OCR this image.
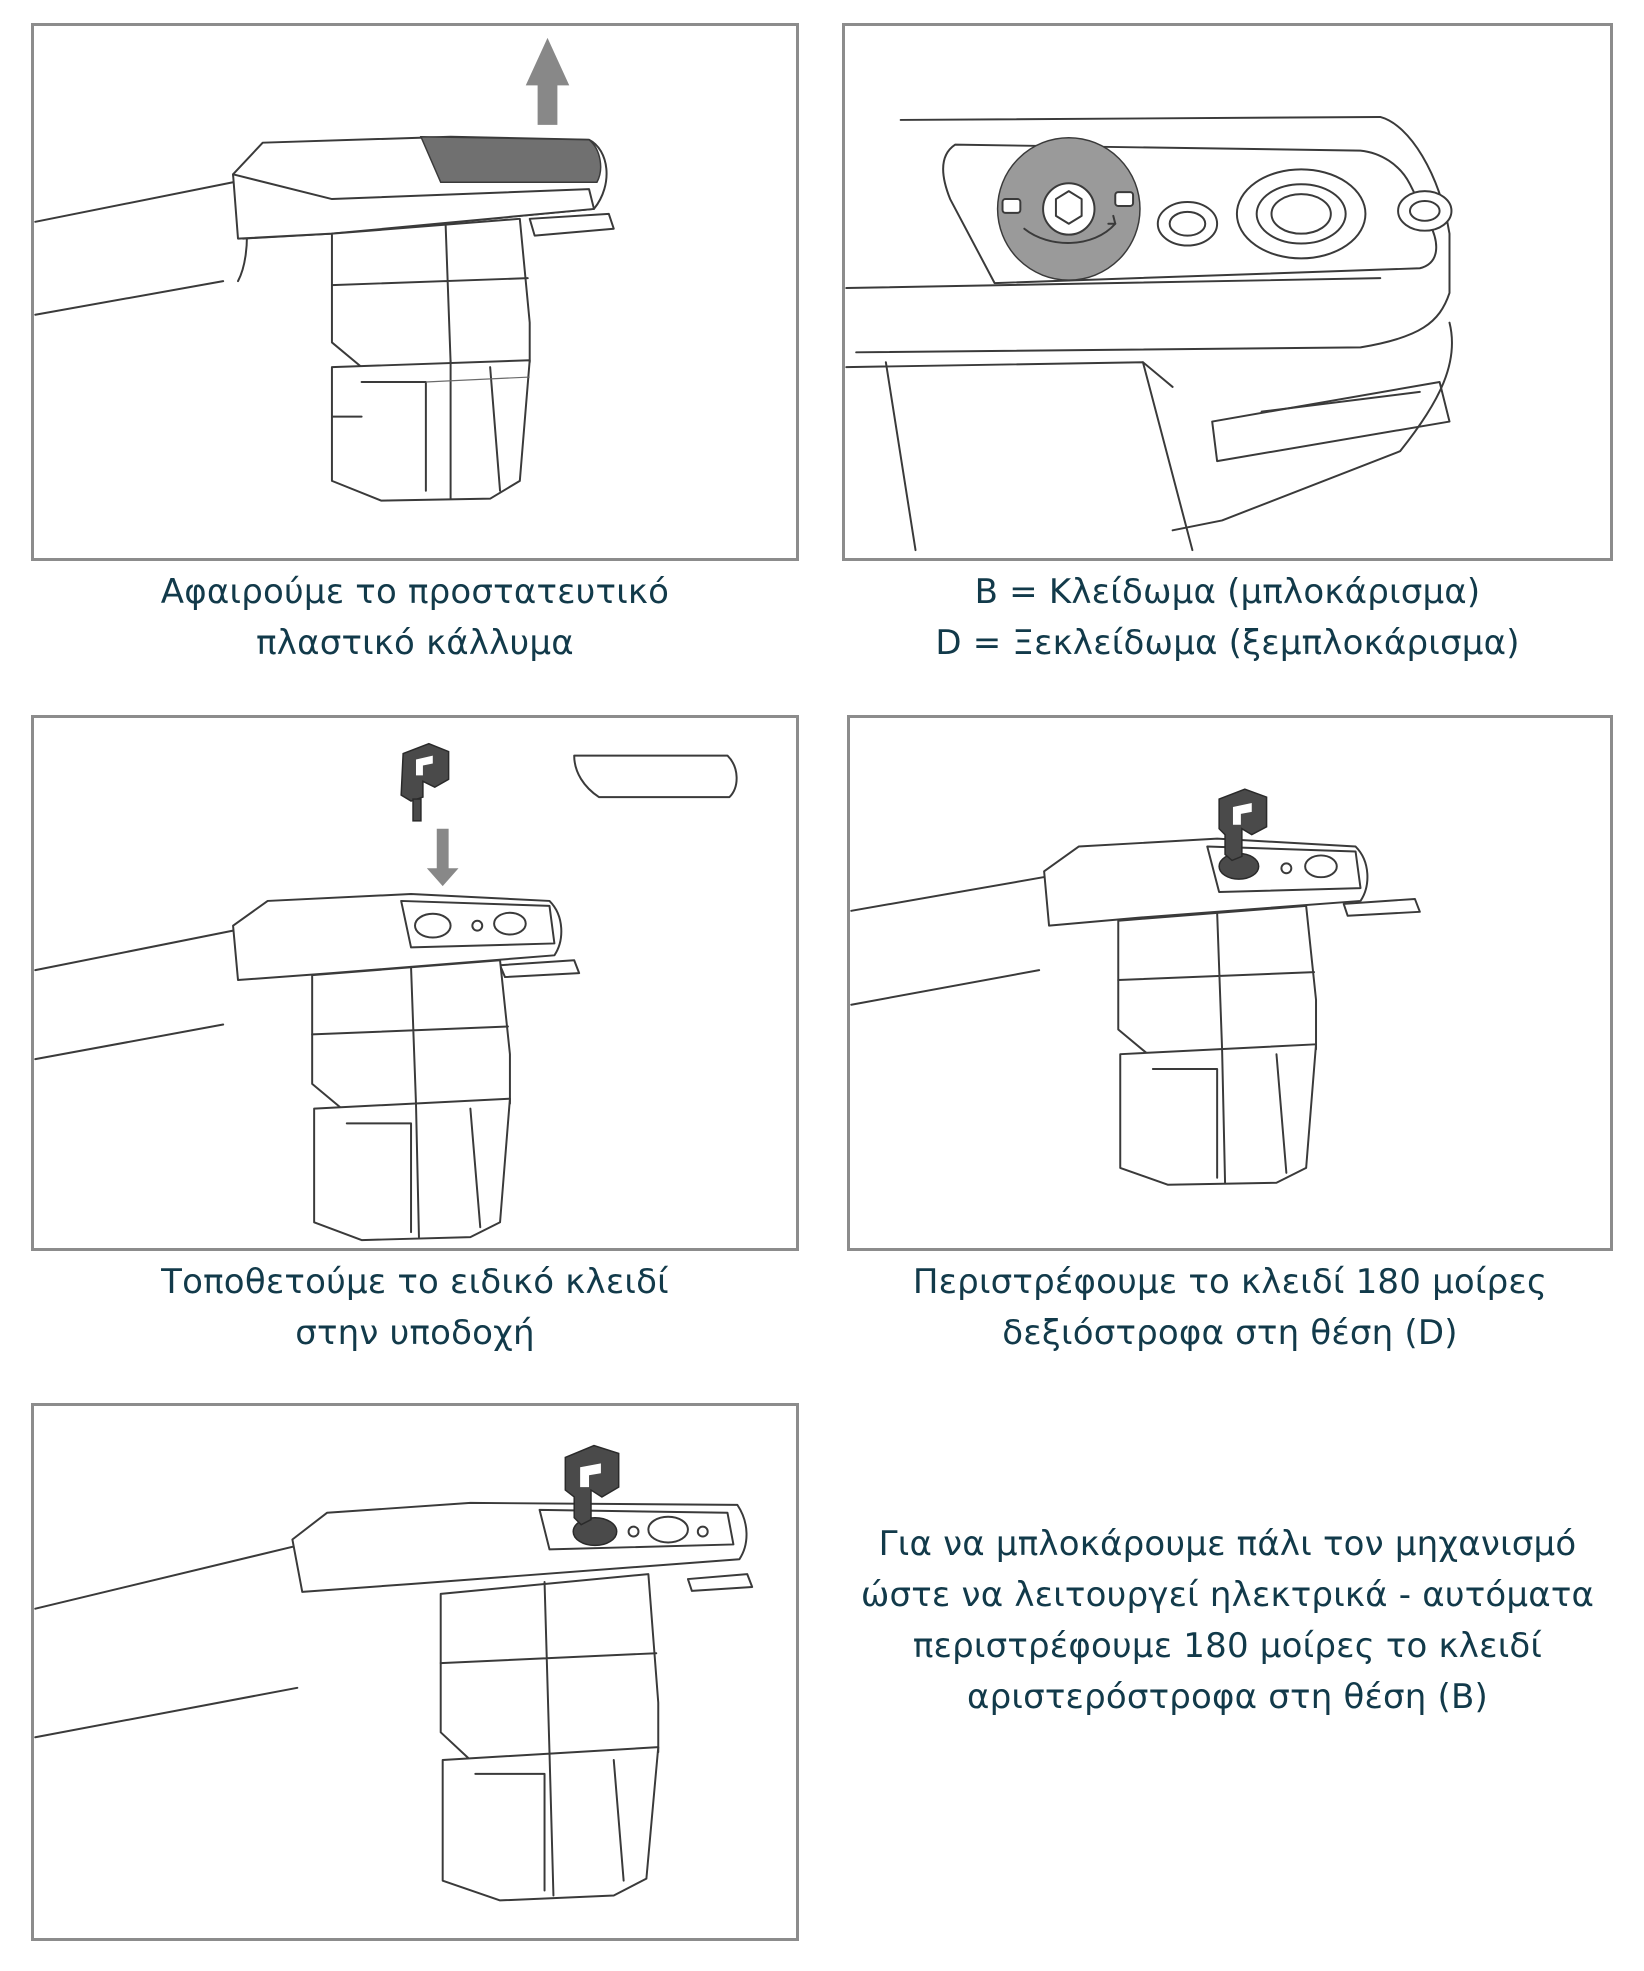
Αφαιρούμε το προστατευτικό
πλαστικό κάλλυμα
B = Κλείδωμα (μπλοκάρισμα)
D = Ξεκλείδωμα (ξεμπλοκάρισμα)
Τοποθετούμε το ειδικό κλειδί
στην υποδοχή
Περιστρέφουμε το κλειδί 180 μοίρες
δεξιόστροφα στη θέση (D)
Για να μπλοκάρουμε πάλι τον μηχανισμό
ώστε να λειτουργεί ηλεκτρικά - αυτόματα
περιστρέφουμε 180 μοίρες το κλειδί
αριστερόστροφα στη θέση (B)
